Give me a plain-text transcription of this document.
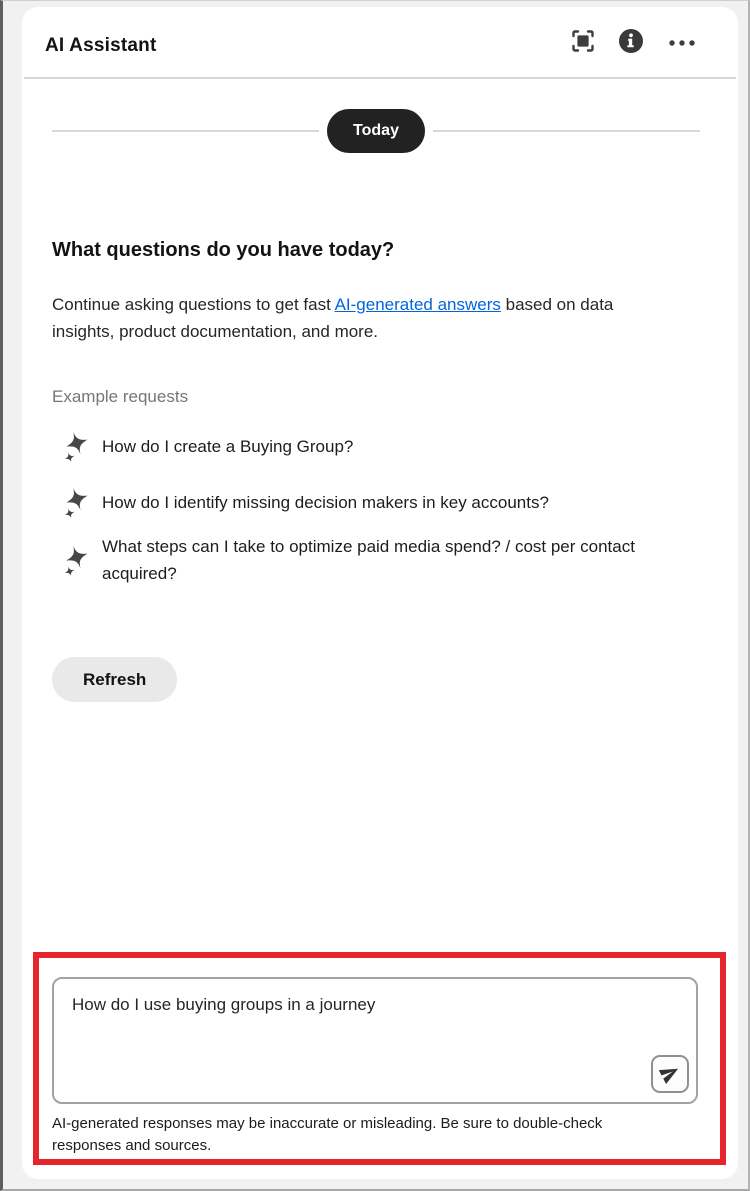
AI Assistant
Today
What questions do you have today?

Continue asking questions to get fast AI-generated answers based on data insights, product documentation, and more.

Example requests
How do I create a Buying Group?
How do I identify missing decision makers in key accounts?
What steps can I take to optimize paid media spend? / cost per contact acquired?
Refresh
How do I use buying groups in a journey
AI-generated responses may be inaccurate or misleading. Be sure to double-check responses and sources.
